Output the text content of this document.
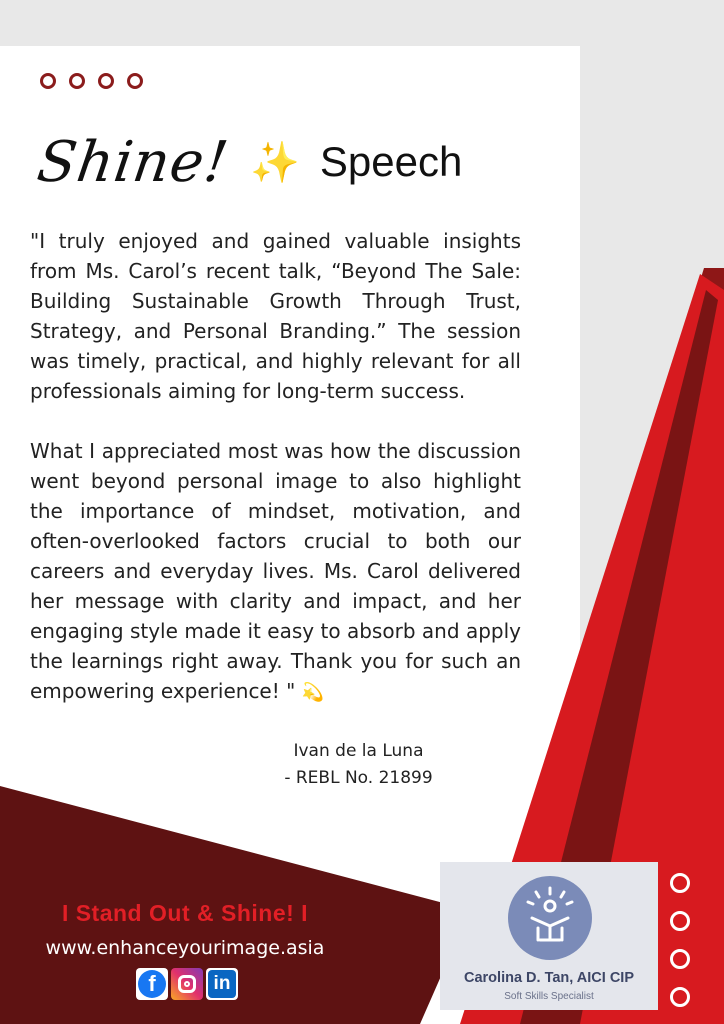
Shine! ✨ Speech

"I truly enjoyed and gained valuable insights from Ms. Carol’s recent talk, “Beyond The Sale: Building Sustainable Growth Through Trust, Strategy, and Personal Branding.” The session was timely, practical, and highly relevant for all professionals aiming for long-term success.

What I appreciated most was how the discussion went beyond personal image to also highlight the importance of mindset, motivation, and often-overlooked factors crucial to both our careers and everyday lives. Ms. Carol delivered her message with clarity and impact, and her engaging style made it easy to absorb and apply the learnings right away. Thank you for such an empowering experience! " 💫

Ivan de la Luna
- REBL No. 21899
I Stand Out & Shine! I
www.enhanceyourimage.asia
f	in	Carolina D. Tan, AICI CIP
Soft Skills Specialist
